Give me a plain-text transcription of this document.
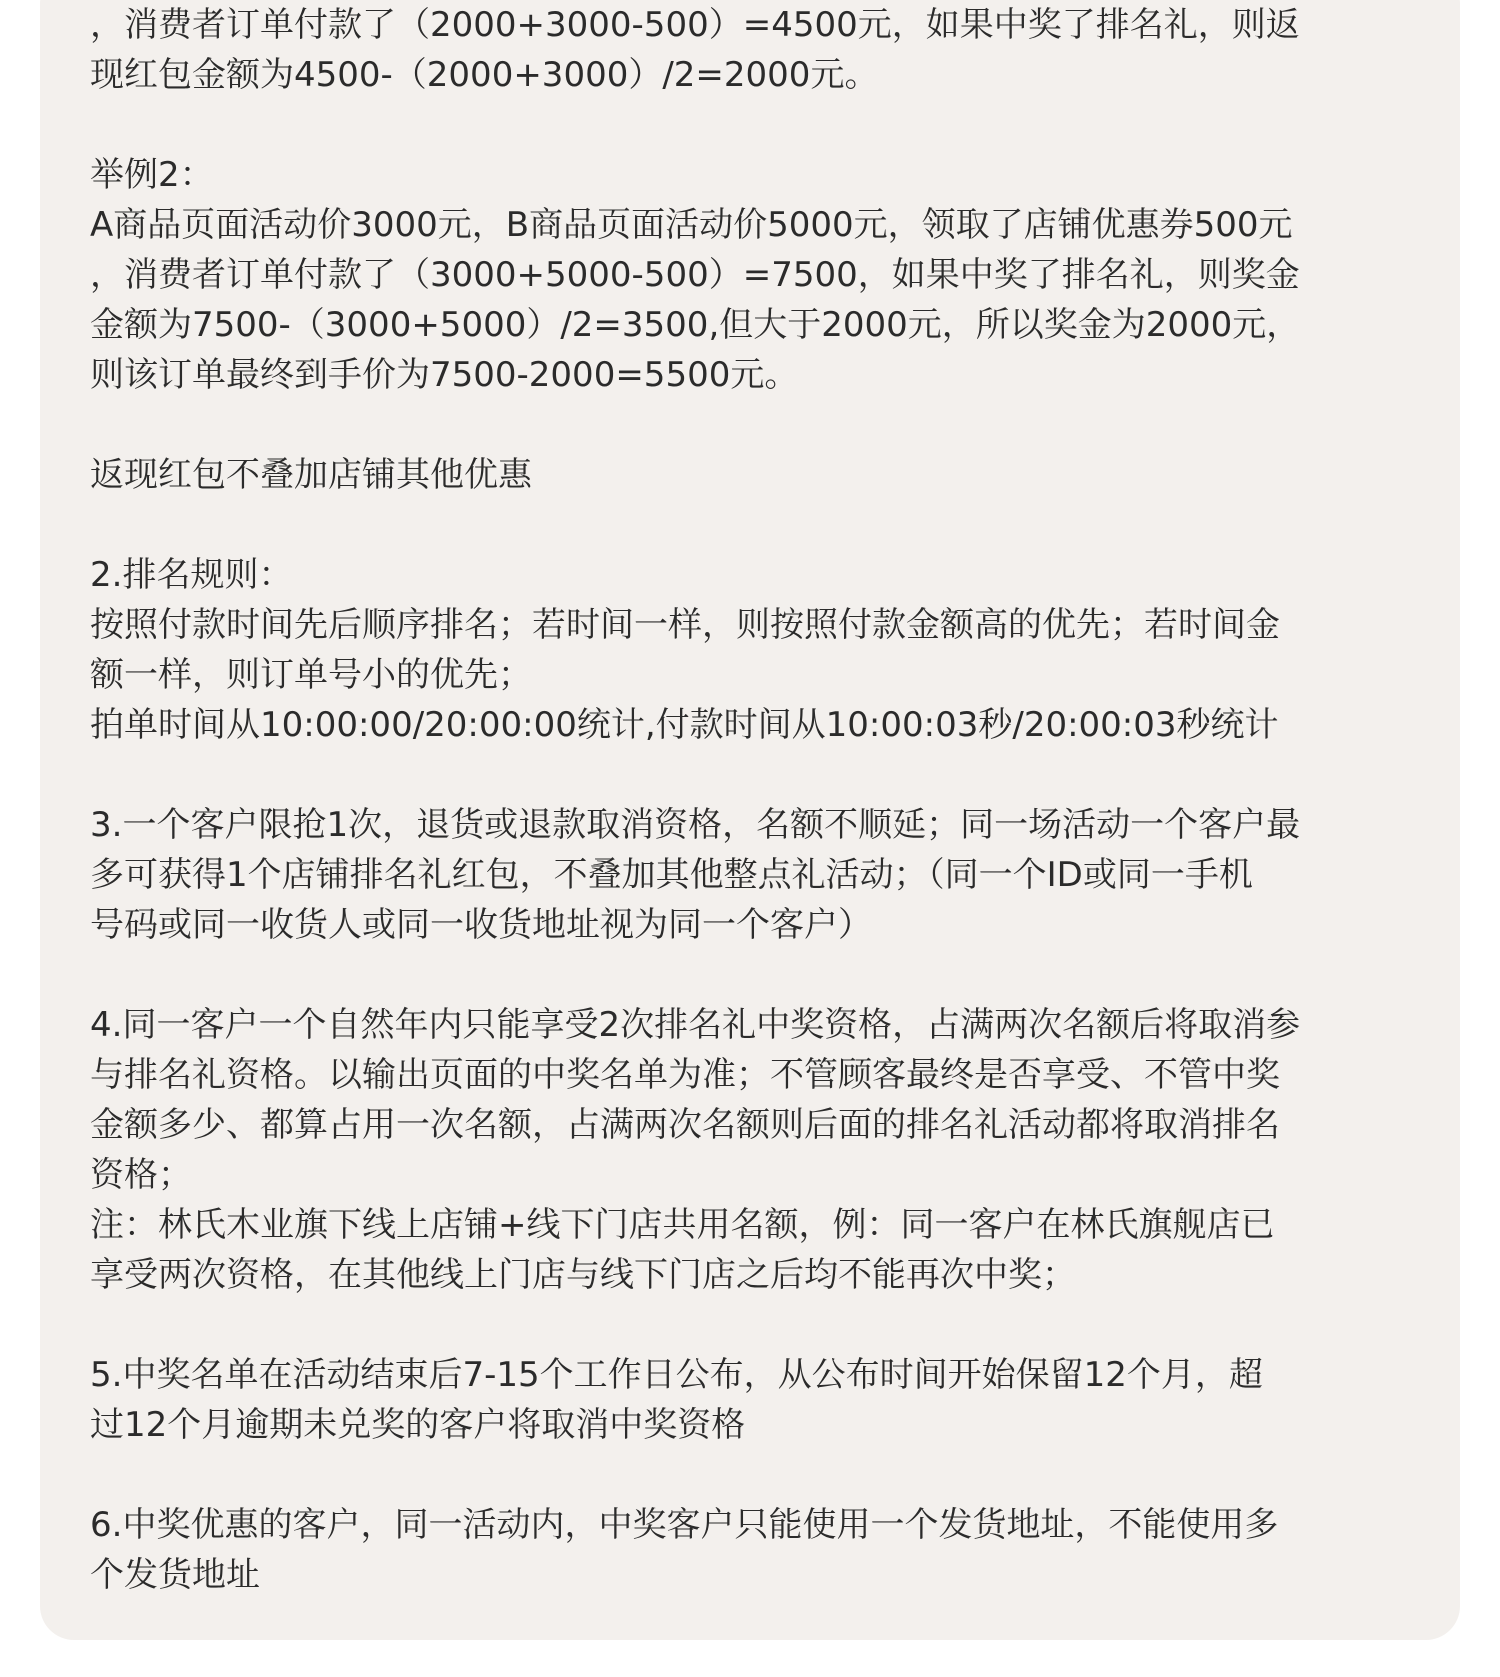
，消费者订单付款了（2000+3000-500）=4500元，如果中奖了排名礼，则返

现红包金额为4500-（2000+3000）/2=2000元。

举例2：

A商品页面活动价3000元，B商品页面活动价5000元，领取了店铺优惠券500元

，消费者订单付款了（3000+5000-500）=7500，如果中奖了排名礼，则奖金

金额为7500-（3000+5000）/2=3500,但大于2000元，所以奖金为2000元，

则该订单最终到手价为7500-2000=5500元。

返现红包不叠加店铺其他优惠

2.排名规则：

按照付款时间先后顺序排名；若时间一样，则按照付款金额高的优先；若时间金

额一样，则订单号小的优先；

拍单时间从10:00:00/20:00:00统计,付款时间从10:00:03秒/20:00:03秒统计

3.一个客户限抢1次，退货或退款取消资格，名额不顺延；同一场活动一个客户最

多可获得1个店铺排名礼红包，不叠加其他整点礼活动；（同一个ID或同一手机

号码或同一收货人或同一收货地址视为同一个客户）

4.同一客户一个自然年内只能享受2次排名礼中奖资格，占满两次名额后将取消参

与排名礼资格。以输出页面的中奖名单为准；不管顾客最终是否享受、不管中奖

金额多少、都算占用一次名额，占满两次名额则后面的排名礼活动都将取消排名

资格；

注：林氏木业旗下线上店铺+线下门店共用名额，例：同一客户在林氏旗舰店已

享受两次资格，在其他线上门店与线下门店之后均不能再次中奖；

5.中奖名单在活动结束后7-15个工作日公布，从公布时间开始保留12个月，超

过12个月逾期未兑奖的客户将取消中奖资格

6.中奖优惠的客户，同一活动内，中奖客户只能使用一个发货地址，不能使用多

个发货地址
